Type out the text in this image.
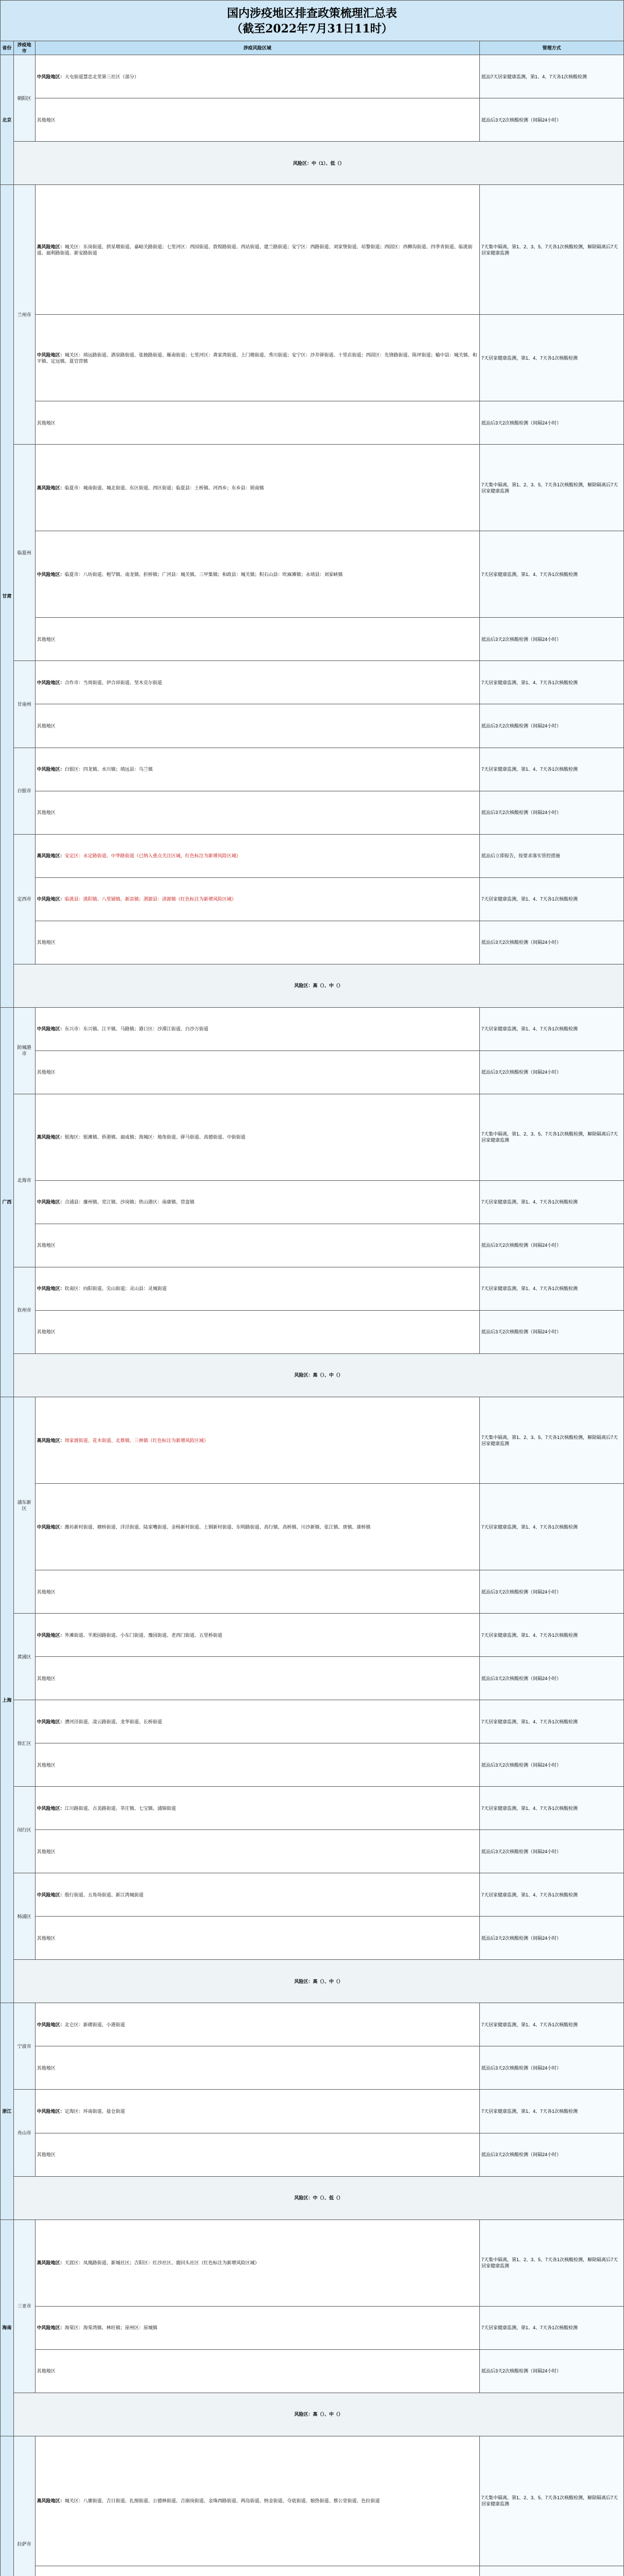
国内涉疫地区排查政策梳理汇总表
（截至2022年7月31日11时）
省份	涉疫地市	涉疫风险区域	管理方式
北京	朝阳区	中风险地区：大屯街道慧忠北里第三社区（部分）	抵汕7天居家健康监测，第1、4、7天各1次核酸检测
		其他地区	抵汕后3天2次核酸检测（间隔24小时）
	风险区：中（1）、低（）		
甘肃	兰州市	高风险地区：城关区：东岗街道、拱星墩街道、嘉峪关路街道；七里河区：西园街道、敦煌路街道、西站街道、建兰路街道；安宁区：西路街道、刘家堡街道、培黎街道；西固区：西柳沟街道、四季青街道、临洮街道、福利路街道、新安路街道	7天集中隔离，第1、2、3、5、7天各1次核酸检测，解除隔离后7天居家健康监测
		中风险地区：城关区：靖远路街道、酒泉路街道、张掖路街道、雁南街道；七里河区：龚家湾街道、土门墩街道、秀川街道；安宁区：沙井驿街道、十里店街道；西固区：先锋路街道、陈坪街道；榆中县：城关镇、和平镇、定远镇、夏官营镇	7天居家健康监测，第1、4、7天各1次核酸检测
		其他地区	抵汕后3天2次核酸检测（间隔24小时）
	临夏州	高风险地区：临夏市：城南街道、城北街道、东区街道、西区街道；临夏县：土桥镇、河西乡；东乡县：锁南镇	7天集中隔离，第1、2、3、5、7天各1次核酸检测，解除隔离后7天居家健康监测
		中风险地区：临夏市：八坊街道、枹罕镇、南龙镇、折桥镇；广河县：城关镇、三甲集镇；和政县：城关镇；积石山县：吹麻滩镇；永靖县：刘家峡镇	7天居家健康监测，第1、4、7天各1次核酸检测
		其他地区	抵汕后3天2次核酸检测（间隔24小时）
	甘南州	中风险地区：合作市：当周街道、伊合昂街道、坚木克尔街道	7天居家健康监测，第1、4、7天各1次核酸检测
		其他地区	抵汕后3天2次核酸检测（间隔24小时）
	白银市	中风险地区：白银区：四龙镇、水川镇；靖远县：乌兰镇	7天居家健康监测，第1、4、7天各1次核酸检测
		其他地区	抵汕后3天2次核酸检测（间隔24小时）
	定西市	高风险地区：安定区：永定路街道、中华路街道（已纳入重点关注区域，红色标注为新增风险区域）	抵汕后立即报告，按要求落实管控措施
		中风险地区：临洮县：洮阳镇、八里铺镇、新添镇；渭源县：清源镇（红色标注为新增风险区域）	7天居家健康监测，第1、4、7天各1次核酸检测
		其他地区	抵汕后3天2次核酸检测（间隔24小时）
	风险区：高（）、中（）		
广西	防城港市	中风险地区：东兴市：东兴镇、江平镇、马路镇；港口区：沙潭江街道、白沙万街道	7天居家健康监测，第1、4、7天各1次核酸检测
		其他地区	抵汕后3天2次核酸检测（间隔24小时）
	北海市	高风险地区：银海区：银滩镇、侨港镇、福成镇；海城区：地角街道、驿马街道、高德街道、中街街道	7天集中隔离，第1、2、3、5、7天各1次核酸检测，解除隔离后7天居家健康监测
		中风险地区：合浦县：廉州镇、党江镇、沙岗镇；铁山港区：南康镇、营盘镇	7天居家健康监测，第1、4、7天各1次核酸检测
		其他地区	抵汕后3天2次核酸检测（间隔24小时）
	钦州市	中风险地区：钦南区：向阳街道、尖山街道；灵山县：灵城街道	7天居家健康监测，第1、4、7天各1次核酸检测
		其他地区	抵汕后3天2次核酸检测（间隔24小时）
	风险区：高（）、中（）		
上海	浦东新区	高风险地区：周家渡街道、花木街道、北蔡镇、三林镇（红色标注为新增风险区域）	7天集中隔离，第1、2、3、5、7天各1次核酸检测，解除隔离后7天居家健康监测
		中风险地区：潍坊新村街道、塘桥街道、洋泾街道、陆家嘴街道、金杨新村街道、上钢新村街道、东明路街道、高行镇、高桥镇、川沙新镇、张江镇、唐镇、康桥镇	7天居家健康监测，第1、4、7天各1次核酸检测
		其他地区	抵汕后3天2次核酸检测（间隔24小时）
	黄浦区	中风险地区：外滩街道、半淞园路街道、小东门街道、豫园街道、老西门街道、五里桥街道	7天居家健康监测，第1、4、7天各1次核酸检测
		其他地区	抵汕后3天2次核酸检测（间隔24小时）
	徐汇区	中风险地区：漕河泾街道、凌云路街道、龙华街道、长桥街道	7天居家健康监测，第1、4、7天各1次核酸检测
		其他地区	抵汕后3天2次核酸检测（间隔24小时）
	闵行区	中风险地区：江川路街道、古美路街道、莘庄镇、七宝镇、浦锦街道	7天居家健康监测，第1、4、7天各1次核酸检测
		其他地区	抵汕后3天2次核酸检测（间隔24小时）
	杨浦区	中风险地区：殷行街道、五角场街道、新江湾城街道	7天居家健康监测，第1、4、7天各1次核酸检测
		其他地区	抵汕后3天2次核酸检测（间隔24小时）
	风险区：高（）、中（）		
浙江	宁波市	中风险地区：北仑区：新碶街道、小港街道	7天居家健康监测，第1、4、7天各1次核酸检测
		其他地区	抵汕后3天2次核酸检测（间隔24小时）
	舟山市	中风险地区：定海区：环南街道、盐仓街道	7天居家健康监测，第1、4、7天各1次核酸检测
		其他地区	抵汕后3天2次核酸检测（间隔24小时）
	风险区：中（）、低（）		
海南	三亚市	高风险地区：天涯区：凤凰路街道、新城社区；吉阳区：红沙社区、鹿回头社区（红色标注为新增风险区域）	7天集中隔离，第1、2、3、5、7天各1次核酸检测，解除隔离后7天居家健康监测
		中风险地区：海棠区：海棠湾镇、林旺镇；崖州区：崖城镇	7天居家健康监测，第1、4、7天各1次核酸检测
		其他地区	抵汕后3天2次核酸检测（间隔24小时）
	风险区：高（）、中（）		
	拉萨市	高风险地区：城关区：八廓街道、吉日街道、扎细街道、公德林街道、吉崩岗街道、金珠西路街道、两岛街道、纳金街道、夺底街道、娘热街道、蔡公堂街道、色拉街道	7天集中隔离，第1、2、3、5、7天各1次核酸检测，解除隔离后7天居家健康监测
